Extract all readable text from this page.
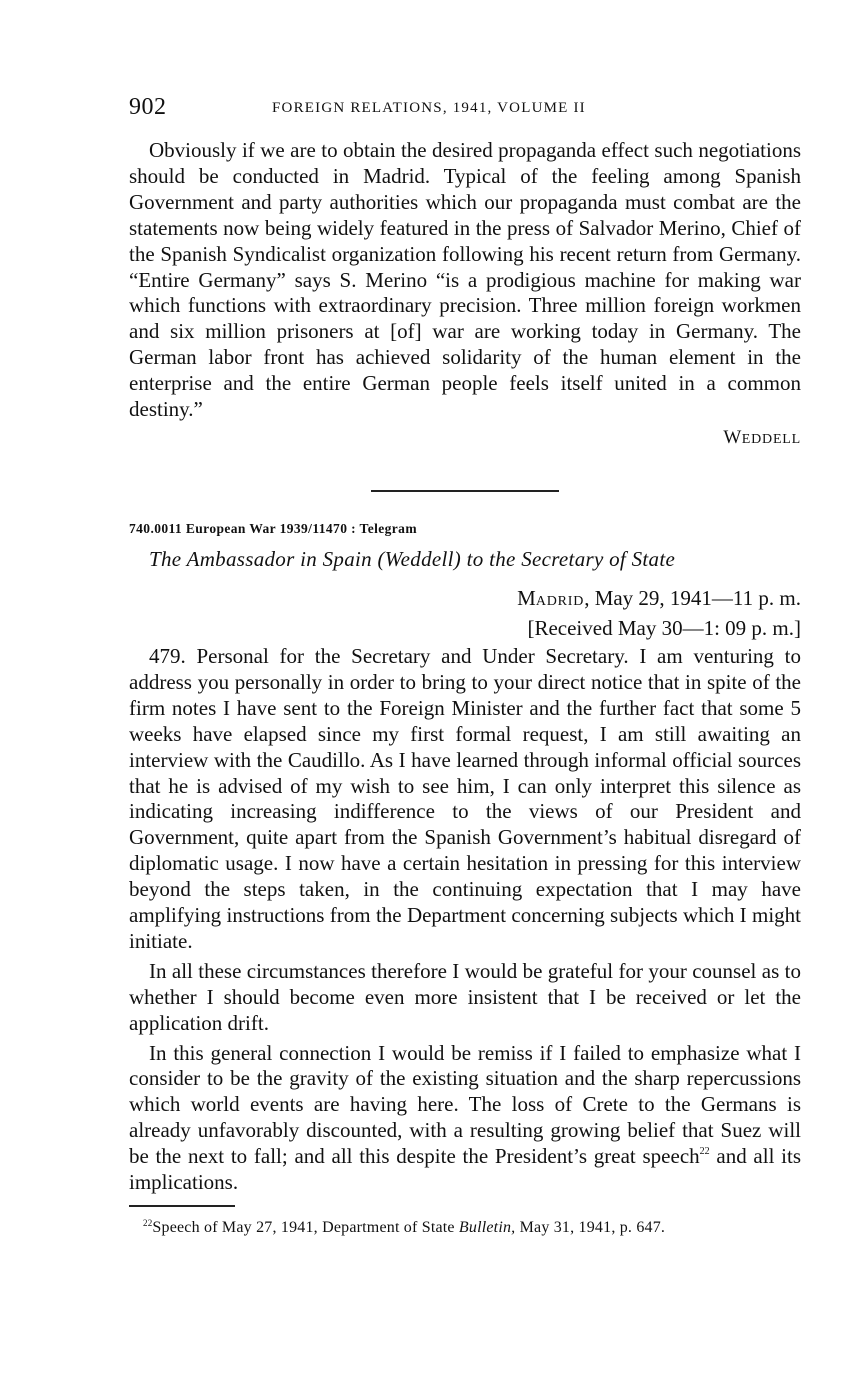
902	FOREIGN RELATIONS, 1941, VOLUME II

Obviously if we are to obtain the desired propaganda effect such negotiations should be conducted in Madrid. Typical of the feeling among Spanish Government and party authorities which our propaganda must combat are the statements now being widely featured in the press of Salvador Merino, Chief of the Spanish Syndicalist organization following his recent return from Germany. “Entire Germany” says S. Merino “is a prodigious machine for making war which functions with extraordinary precision. Three million foreign workmen and six million prisoners at [of] war are working today in Germany. The German labor front has achieved solidarity of the human element in the enterprise and the entire German people feels itself united in a common destiny.”

WEDDELL
740.0011 European War 1939/11470 : Telegram
The Ambassador in Spain (Weddell) to the Secretary of State
MADRID, May 29, 1941—11 p. m.
[Received May 30—1: 09 p. m.]

479. Personal for the Secretary and Under Secretary. I am venturing to address you personally in order to bring to your direct notice that in spite of the firm notes I have sent to the Foreign Minister and the further fact that some 5 weeks have elapsed since my first formal request, I am still awaiting an interview with the Caudillo. As I have learned through informal official sources that he is advised of my wish to see him, I can only interpret this silence as indicating increasing indifference to the views of our President and Government, quite apart from the Spanish Government’s habitual disregard of diplomatic usage. I now have a certain hesitation in pressing for this interview beyond the steps taken, in the continuing expectation that I may have amplifying instructions from the Department concerning subjects which I might initiate.

In all these circumstances therefore I would be grateful for your counsel as to whether I should become even more insistent that I be received or let the application drift.

In this general connection I would be remiss if I failed to emphasize what I consider to be the gravity of the existing situation and the sharp repercussions which world events are having here. The loss of Crete to the Germans is already unfavorably discounted, with a resulting growing belief that Suez will be the next to fall; and all this despite the President’s great speech$^{22}$ and all its implications.

$^{22}$Speech of May 27, 1941, Department of State Bulletin, May 31, 1941, p. 647.
